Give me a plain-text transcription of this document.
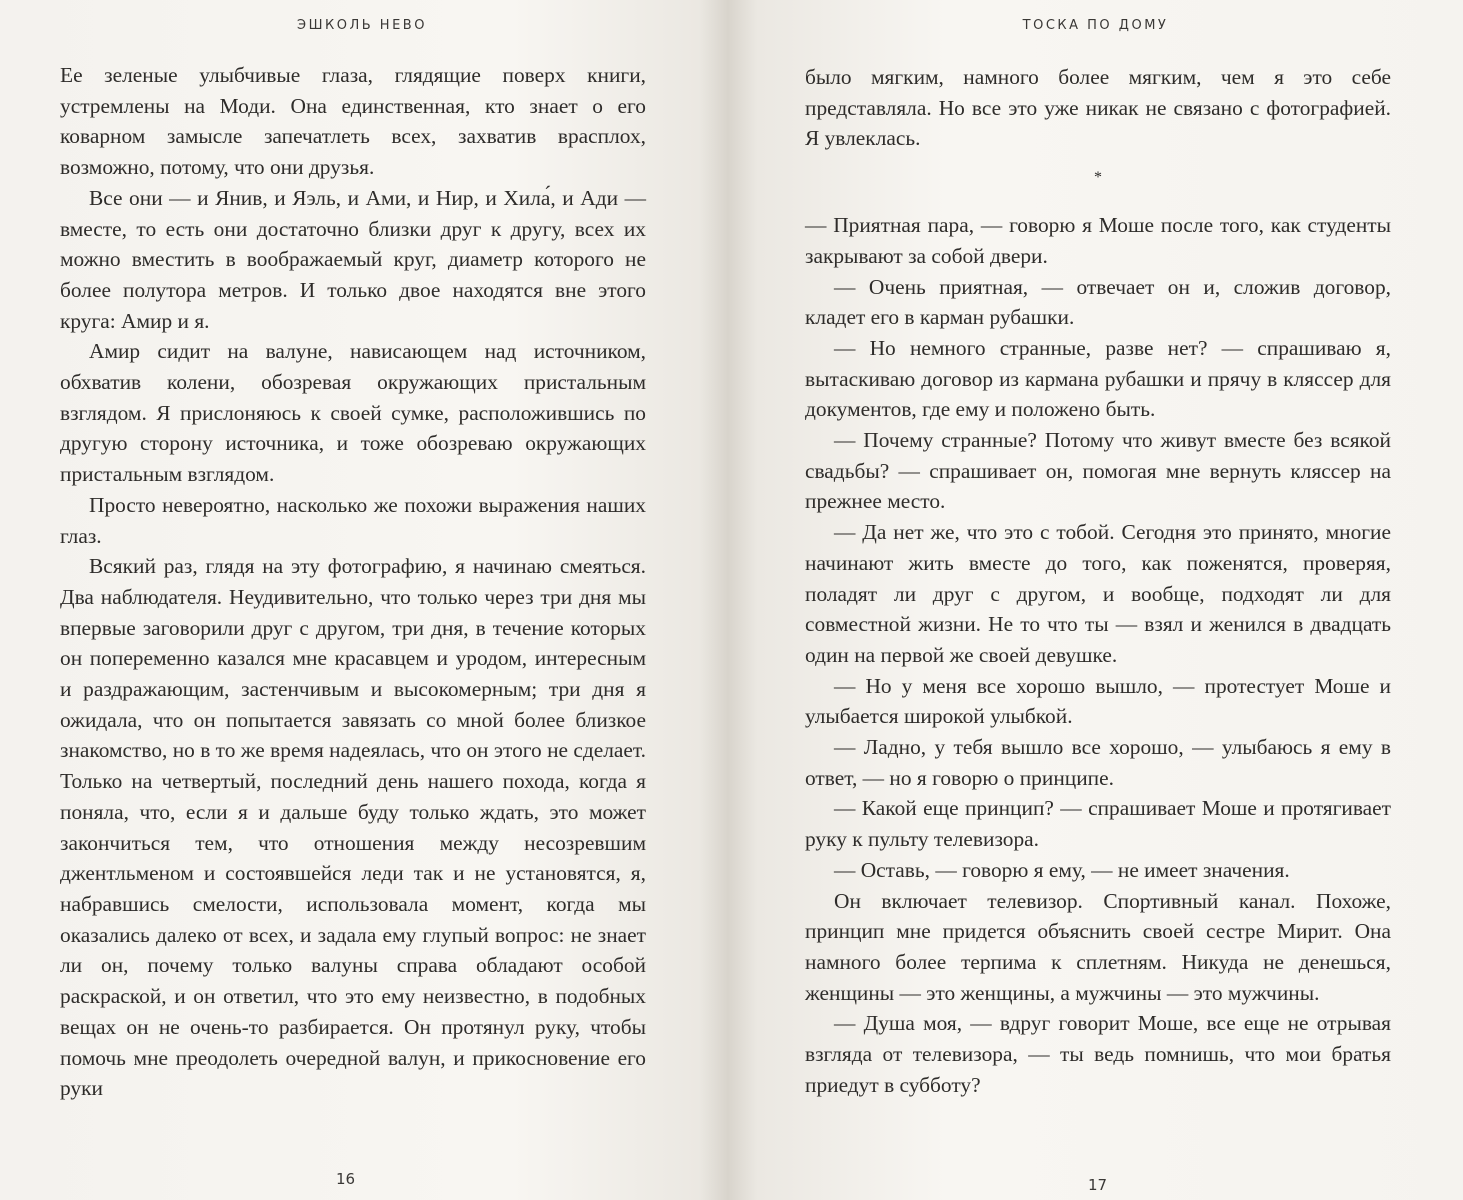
ЭШКОЛЬ НЕВО

Ее зеленые улыбчивые глаза, глядящие поверх книги, устремлены на Моди. Она единственная, кто знает о его коварном замысле запечатлеть всех, захватив врасплох, возможно, потому, что они друзья.

Все они — и Янив, и Яэль, и Ами, и Нир, и Хила́, и Ади — вместе, то есть они достаточно близки друг к другу, всех их можно вместить в воображаемый круг, диаметр которого не более полутора метров. И только двое находятся вне этого круга: Амир и я.

Амир сидит на валуне, нависающем над источником, обхватив колени, обозревая окружающих пристальным взглядом. Я прислоняюсь к своей сумке, расположившись по другую сторону источника, и тоже обозреваю окружающих пристальным взглядом.

Просто невероятно, насколько же похожи выражения наших глаз.

Всякий раз, глядя на эту фотографию, я начинаю смеяться. Два наблюдателя. Неудивительно, что только через три дня мы впервые заговорили друг с другом, три дня, в течение которых он попеременно казался мне красавцем и уродом, интересным и раздражающим, застенчивым и высокомерным; три дня я ожидала, что он попытается завязать со мной более близкое знакомство, но в то же время надеялась, что он этого не сделает. Только на четвертый, последний день нашего похода, когда я поняла, что, если я и дальше буду только ждать, это может закончиться тем, что отношения между несозревшим джентльменом и состоявшейся леди так и не установятся, я, набравшись смелости, использовала момент, когда мы оказались далеко от всех, и задала ему глупый вопрос: не знает ли он, почему только валуны справа обладают особой раскраской, и он ответил, что это ему неизвестно, в подобных вещах он не очень-то разбирается. Он протянул руку, чтобы помочь мне преодолеть очередной валун, и прикосновение его руки

16
ТОСКА ПО ДОМУ

было мягким, намного более мягким, чем я это себе представляла. Но все это уже никак не связано с фотографией. Я увлеклась.

*

— Приятная пара, — говорю я Моше после того, как студенты закрывают за собой двери.

— Очень приятная, — отвечает он и, сложив договор, кладет его в карман рубашки.

— Но немного странные, разве нет? — спрашиваю я, вытаскиваю договор из кармана рубашки и прячу в кляссер для документов, где ему и положено быть.

— Почему странные? Потому что живут вместе без всякой свадьбы? — спрашивает он, помогая мне вернуть кляссер на прежнее место.

— Да нет же, что это с тобой. Сегодня это принято, многие начинают жить вместе до того, как поженятся, проверяя, поладят ли друг с другом, и вообще, подходят ли для совместной жизни. Не то что ты — взял и женился в двадцать один на первой же своей девушке.

— Но у меня все хорошо вышло, — протестует Моше и улыбается широкой улыбкой.

— Ладно, у тебя вышло все хорошо, — улыбаюсь я ему в ответ, — но я говорю о принципе.

— Какой еще принцип? — спрашивает Моше и протягивает руку к пульту телевизора.

— Оставь, — говорю я ему, — не имеет значения.

Он включает телевизор. Спортивный канал. Похоже, принцип мне придется объяснить своей сестре Мирит. Она намного более терпима к сплетням. Никуда не денешься, женщины — это женщины, а мужчины — это мужчины.

— Душа моя, — вдруг говорит Моше, все еще не отрывая взгляда от телевизора, — ты ведь помнишь, что мои братья приедут в субботу?

17
